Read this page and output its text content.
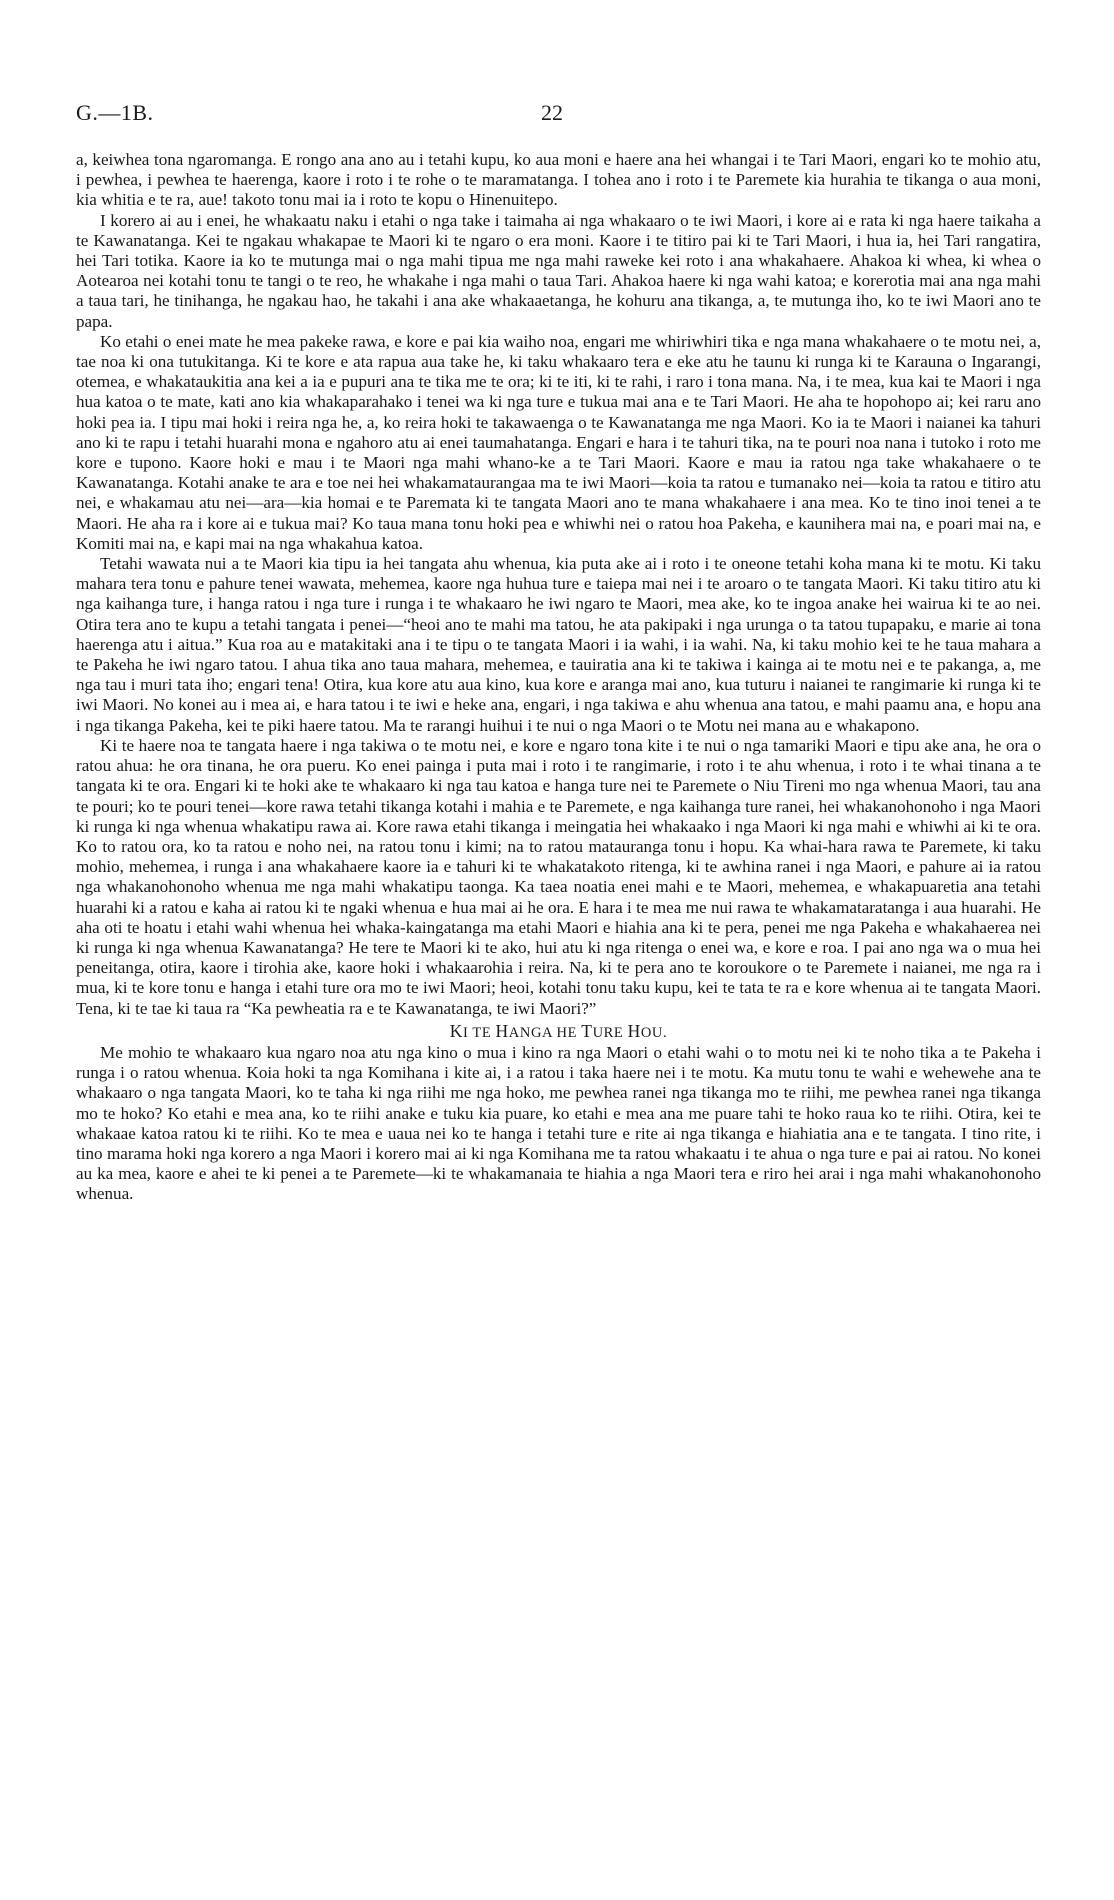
G.—1B.	22

a, keiwhea tona ngaromanga. E rongo ana ano au i tetahi kupu, ko aua moni e haere ana hei whangai i te Tari Maori, engari ko te mohio atu, i pewhea, i pewhea te haerenga, kaore i roto i te rohe o te maramatanga. I tohea ano i roto i te Paremete kia hurahia te tikanga o aua moni, kia whitia e te ra, aue! takoto tonu mai ia i roto te kopu o Hinenuitepo.

I korero ai au i enei, he whakaatu naku i etahi o nga take i taimaha ai nga whakaaro o te iwi Maori, i kore ai e rata ki nga haere taikaha a te Kawanatanga. Kei te ngakau whakapae te Maori ki te ngaro o era moni. Kaore i te titiro pai ki te Tari Maori, i hua ia, hei Tari rangatira, hei Tari totika. Kaore ia ko te mutunga mai o nga mahi tipua me nga mahi raweke kei roto i ana whakahaere. Ahakoa ki whea, ki whea o Aotearoa nei kotahi tonu te tangi o te reo, he whakahe i nga mahi o taua Tari. Ahakoa haere ki nga wahi katoa; e korerotia mai ana nga mahi a taua tari, he tinihanga, he ngakau hao, he takahi i ana ake whakaaetanga, he kohuru ana tikanga, a, te mutunga iho, ko te iwi Maori ano te papa.

Ko etahi o enei mate he mea pakeke rawa, e kore e pai kia waiho noa, engari me whiriwhiri tika e nga mana whakahaere o te motu nei, a, tae noa ki ona tutukitanga. Ki te kore e ata rapua aua take he, ki taku whakaaro tera e eke atu he taunu ki runga ki te Karauna o Ingarangi, otemea, e whakataukitia ana kei a ia e pupuri ana te tika me te ora; ki te iti, ki te rahi, i raro i tona mana. Na, i te mea, kua kai te Maori i nga hua katoa o te mate, kati ano kia whakaparahako i tenei wa ki nga ture e tukua mai ana e te Tari Maori. He aha te hopohopo ai; kei raru ano hoki pea ia. I tipu mai hoki i reira nga he, a, ko reira hoki te takawaenga o te Kawanatanga me nga Maori. Ko ia te Maori i naianei ka tahuri ano ki te rapu i tetahi huarahi mona e ngahoro atu ai enei taumahatanga. Engari e hara i te tahuri tika, na te pouri noa nana i tutoko i roto me kore e tupono. Kaore hoki e mau i te Maori nga mahi whano-ke a te Tari Maori. Kaore e mau ia ratou nga take whakahaere o te Kawanatanga. Kotahi anake te ara e toe nei hei whakamataurangaa ma te iwi Maori—koia ta ratou e tumanako nei—koia ta ratou e titiro atu nei, e whakamau atu nei—ara—kia homai e te Paremata ki te tangata Maori ano te mana whakahaere i ana mea. Ko te tino inoi tenei a te Maori. He aha ra i kore ai e tukua mai? Ko taua mana tonu hoki pea e whiwhi nei o ratou hoa Pakeha, e kaunihera mai na, e poari mai na, e Komiti mai na, e kapi mai na nga whakahua katoa.

Tetahi wawata nui a te Maori kia tipu ia hei tangata ahu whenua, kia puta ake ai i roto i te oneone tetahi koha mana ki te motu. Ki taku mahara tera tonu e pahure tenei wawata, mehemea, kaore nga huhua ture e taiepa mai nei i te aroaro o te tangata Maori. Ki taku titiro atu ki nga kaihanga ture, i hanga ratou i nga ture i runga i te whakaaro he iwi ngaro te Maori, mea ake, ko te ingoa anake hei wairua ki te ao nei. Otira tera ano te kupu a tetahi tangata i penei—“heoi ano te mahi ma tatou, he ata pakipaki i nga urunga o ta tatou tupapaku, e marie ai tona haerenga atu i aitua.” Kua roa au e matakitaki ana i te tipu o te tangata Maori i ia wahi, i ia wahi. Na, ki taku mohio kei te he taua mahara a te Pakeha he iwi ngaro tatou. I ahua tika ano taua mahara, mehemea, e tauiratia ana ki te takiwa i kainga ai te motu nei e te pakanga, a, me nga tau i muri tata iho; engari tena! Otira, kua kore atu aua kino, kua kore e aranga mai ano, kua tuturu i naianei te rangimarie ki runga ki te iwi Maori. No konei au i mea ai, e hara tatou i te iwi e heke ana, engari, i nga takiwa e ahu whenua ana tatou, e mahi paamu ana, e hopu ana i nga tikanga Pakeha, kei te piki haere tatou. Ma te rarangi huihui i te nui o nga Maori o te Motu nei mana au e whakapono.

Ki te haere noa te tangata haere i nga takiwa o te motu nei, e kore e ngaro tona kite i te nui o nga tamariki Maori e tipu ake ana, he ora o ratou ahua: he ora tinana, he ora pueru. Ko enei painga i puta mai i roto i te rangimarie, i roto i te ahu whenua, i roto i te whai tinana a te tangata ki te ora. Engari ki te hoki ake te whakaaro ki nga tau katoa e hanga ture nei te Paremete o Niu Tireni mo nga whenua Maori, tau ana te pouri; ko te pouri tenei—kore rawa tetahi tikanga kotahi i mahia e te Paremete, e nga kaihanga ture ranei, hei whakanohonoho i nga Maori ki runga ki nga whenua whakatipu rawa ai. Kore rawa etahi tikanga i meingatia hei whakaako i nga Maori ki nga mahi e whiwhi ai ki te ora. Ko to ratou ora, ko ta ratou e noho nei, na ratou tonu i kimi; na to ratou matauranga tonu i hopu. Ka whai-hara rawa te Paremete, ki taku mohio, mehemea, i runga i ana whakahaere kaore ia e tahuri ki te whakatakoto ritenga, ki te awhina ranei i nga Maori, e pahure ai ia ratou nga whakanohonoho whenua me nga mahi whakatipu taonga. Ka taea noatia enei mahi e te Maori, mehemea, e whakapuaretia ana tetahi huarahi ki a ratou e kaha ai ratou ki te ngaki whenua e hua mai ai he ora. E hara i te mea me nui rawa te whakamataratanga i aua huarahi. He aha oti te hoatu i etahi wahi whenua hei whaka-kaingatanga ma etahi Maori e hiahia ana ki te pera, penei me nga Pakeha e whakahaerea nei ki runga ki nga whenua Kawanatanga? He tere te Maori ki te ako, hui atu ki nga ritenga o enei wa, e kore e roa. I pai ano nga wa o mua hei peneitanga, otira, kaore i tirohia ake, kaore hoki i whakaarohia i reira. Na, ki te pera ano te koroukore o te Paremete i naianei, me nga ra i mua, ki te kore tonu e hanga i etahi ture ora mo te iwi Maori; heoi, kotahi tonu taku kupu, kei te tata te ra e kore whenua ai te tangata Maori. Tena, ki te tae ki taua ra “Ka pewheatia ra e te Kawanatanga, te iwi Maori?”

KI TE HANGA HE TURE HOU.

Me mohio te whakaaro kua ngaro noa atu nga kino o mua i kino ra nga Maori o etahi wahi o to motu nei ki te noho tika a te Pakeha i runga i o ratou whenua. Koia hoki ta nga Komihana i kite ai, i a ratou i taka haere nei i te motu. Ka mutu tonu te wahi e wehewehe ana te whakaaro o nga tangata Maori, ko te taha ki nga riihi me nga hoko, me pewhea ranei nga tikanga mo te riihi, me pewhea ranei nga tikanga mo te hoko? Ko etahi e mea ana, ko te riihi anake e tuku kia puare, ko etahi e mea ana me puare tahi te hoko raua ko te riihi. Otira, kei te whakaae katoa ratou ki te riihi. Ko te mea e uaua nei ko te hanga i tetahi ture e rite ai nga tikanga e hiahiatia ana e te tangata. I tino rite, i tino marama hoki nga korero a nga Maori i korero mai ai ki nga Komihana me ta ratou whakaatu i te ahua o nga ture e pai ai ratou. No konei au ka mea, kaore e ahei te ki penei a te Paremete—ki te whakamanaia te hiahia a nga Maori tera e riro hei arai i nga mahi whakanohonoho whenua.
